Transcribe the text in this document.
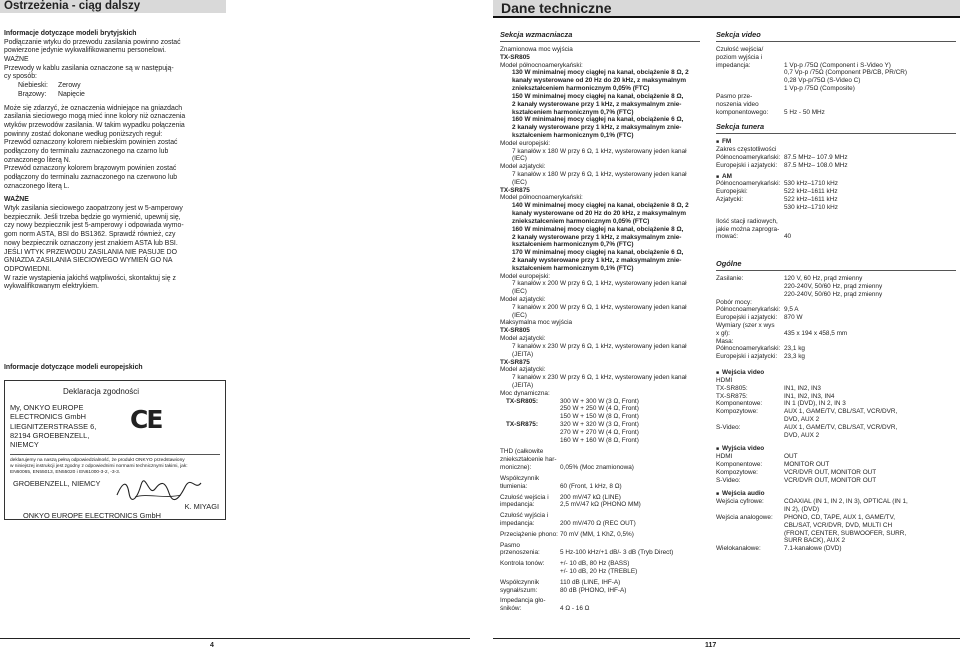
Ostrzeżenia - ciąg dalszy	Dane techniczne

Informacje dotyczące modeli brytyjskich

Podłączanie wtyku do przewodu zasilania powinno zostać
powierzone jedynie wykwalifikowanemu personelowi.

WAŻNE

Przewody w kablu zasilania oznaczone są w następują-
cy sposób:
Niebieski:	Zerowy
Brązowy:	Napięcie
Może się zdarzyć, że oznaczenia widniejące na gniazdach
zasilania sieciowego mogą mieć inne kolory niż oznaczenia
wtyków przewodów zasilania. W takim wypadku połączenia
powinny zostać dokonane według poniższych reguł:
Przewód oznaczony kolorem niebieskim powinien zostać
podłączony do terminalu zaznaczonego na czarno lub
oznaczonego literą N.
Przewód oznaczony kolorem brązowym powinien zostać
podłączony do terminalu zaznaczonego na czerwono lub
oznaczonego literą L.

WAŻNE

Wtyk zasilania sieciowego zaopatrzony jest w 5-amperowy
bezpiecznik. Jeśli trzeba będzie go wymienić, upewnij się,
czy nowy bezpiecznik jest 5-amperowy i odpowiada wymo-
gom norm ASTA, BSI do BS1362. Sprawdź również, czy
nowy bezpiecznik oznaczony jest znakiem ASTA lub BSI.
JEŚLI WTYK PRZEWODU ZASILANIA NIE PASUJE DO
GNIAZDA ZASILANIA SIECIOWEGO WYMIEŃ GO NA
ODPOWIEDNI.
W razie wystąpienia jakichś wątpliwości, skontaktuj się z
wykwalifikowanym elektrykiem.
Informacje dotyczące modeli europejskich
Deklaracja zgodności
CE
My, ONKYO EUROPE
ELECTRONICS GmbH
LIEGNITZERSTRASSE 6,
82194 GROEBENZELL,
NIEMCY
deklarujemy na naszą pełną odpowiedzialność, że produkt ONKYO przedstawiony
w niniejszej instrukcji jest zgodny z odpowiednimi normami technicznymi takimi, jak:
EN60065, EN55013, EN55020 i EN61000-3-2, -3-3.
GROEBENZELL, NIEMCY
K. MIYAGI
ONKYO EUROPE ELECTRONICS GmbH
Sekcja wzmacniacza
Znamionowa moc wyjścia
TX-SR805
Model północnoamerykański:
130 W minimalnej mocy ciągłej na kanał, obciążenie 8 Ω, 2
kanały wysterowane od 20 Hz do 20 kHz, z maksymalnym
zniekształceniem harmonicznym 0,05% (FTC)
150 W minimalnej mocy ciągłej na kanał, obciążenie 8 Ω,
2 kanały wysterowane przy 1 kHz, z maksymalnym znie-
kształceniem harmonicznym 0,7% (FTC)
160 W minimalnej mocy ciągłej na kanał, obciążenie 6 Ω,
2 kanały wysterowane przy 1 kHz, z maksymalnym znie-
kształceniem harmonicznym 0,1% (FTC)
Model europejski:
7 kanałów x 180 W przy 6 Ω, 1 kHz, wysterowany jeden kanał
(IEC)
Model azjatycki:
7 kanałów x 180 W przy 6 Ω, 1 kHz, wysterowany jeden kanał
(IEC)
TX-SR875
Model północnoamerykański:
140 W minimalnej mocy ciągłej na kanał, obciążenie 8 Ω, 2
kanały wysterowane od 20 Hz do 20 kHz, z maksymalnym
zniekształceniem harmonicznym 0,05% (FTC)
160 W minimalnej mocy ciągłej na kanał, obciążenie 8 Ω,
2 kanały wysterowane przy 1 kHz, z maksymalnym znie-
kształceniem harmonicznym 0,7% (FTC)
170 W minimalnej mocy ciągłej na kanał, obciążenie 6 Ω,
2 kanały wysterowane przy 1 kHz, z maksymalnym znie-
kształceniem harmonicznym 0,1% (FTC)
Model europejski:
7 kanałów x 200 W przy 6 Ω, 1 kHz, wysterowany jeden kanał
(IEC)
Model azjatycki:
7 kanałów x 200 W przy 6 Ω, 1 kHz, wysterowany jeden kanał
(IEC)
Maksymalna moc wyjścia
TX-SR805
Model azjatycki:
7 kanałów x 230 W przy 6 Ω, 1 kHz, wysterowany jeden kanał
(JEITA)
TX-SR875
Model azjatycki:
7 kanałów x 230 W przy 6 Ω, 1 kHz, wysterowany jeden kanał
(JEITA)
Moc dynamiczna:
TX-SR805:	300 W + 300 W (3 Ω, Front)
250 W + 250 W (4 Ω, Front)
150 W + 150 W (8 Ω, Front)
TX-SR875:	320 W + 320 W (3 Ω, Front)
270 W + 270 W (4 Ω, Front)
160 W + 160 W (8 Ω, Front)
THD (całkowite
zniekształcenie har-
moniczne):	0,05% (Moc znamionowa)
Współczynnik
tłumienia:	60 (Front, 1 kHz, 8 Ω)
Czułość wejścia i
impedancja:
200 mV/47 kΩ (LINE)
2,5 mV/47 kΩ (PHONO MM)
Czułość wyjścia i
impedancja:	200 mV/470 Ω (REC OUT)
Przeciążenie phono: 70 mV (MM, 1 KhZ, 0,5%)
Pasmo
przenoszenia:	5 Hz-100 kHz/+1 dB/- 3 dB (Tryb Direct)
Kontrola tonów:	+/- 10 dB, 80 Hz (BASS)
+/- 10 dB, 20 Hz (TREBLE)
Współczynnik
sygnał/szum:
110 dB (LINE, IHF-A)
80 dB (PHONO, IHF-A)
Impedancja gło-
śników:	4 Ω - 16 Ω
Sekcja video
Czułość wejścia/
poziom wyjścia i
impedancja:

	1 Vp-p /75Ω (Component i S-Video Y)
0,7 Vp-p /75Ω (Component PB/CB, PR/CR)
0,28 Vp-p/75Ω (S-Video C)
1 Vp-p /75Ω (Composite)
Pasmo prze-
noszenia video
komponentowego:

	5 Hz - 50 MHz
Sekcja tunera
■ FM
Zakres częstotliwości
Północnoamerykański: 87.5 MHz– 107.9 MHz
Europejski i azjatycki:	87.5 MHz– 108.0 MHz
■ AM
Północnoamerykański: 530 kHz–1710 kHz
Europejski:	522 kHz–1611 kHz
Azjatycki:	522 kHz–1611 kHz
530 kHz–1710 kHz
Ilość stacji radiowych,
jakie można zaprogra-
mować:

	40
Ogólne
Zasilanie:	120 V, 60 Hz, prąd zmienny
220-240V, 50/60 Hz, prąd zmienny
220-240V, 50/60 Hz, prąd zmienny
Pobór mocy:

Północnoamerykański: 9,5 A
Europejski i azjatycki:	870 W
Wymiary (szer x wys
x gł):
	435 x 194 x 458,5 mm
Masa:

Północnoamerykański: 23,1 kg
Europejski i azjatycki:	23,3 kg
■ Wejścia video
HDMI

TX-SR805:	IN1, IN2, IN3
TX-SR875:	IN1, IN2, IN3, IN4
Komponentowe:	IN 1 (DVD), IN 2, IN 3
Kompozytowe:	AUX 1, GAME/TV, CBL/SAT, VCR/DVR,
DVD, AUX 2
S-Video:	AUX 1, GAME/TV, CBL/SAT, VCR/DVR,
DVD, AUX 2
■ Wyjścia video
HDMI	OUT
Komponentowe:	MONITOR OUT
Kompozytowe:	VCR/DVR OUT, MONITOR OUT
S-Video:	VCR/DVR OUT, MONITOR OUT
■ Wejścia audio
Wejścia cyfrowe:	COAXIAL (IN 1, IN 2, IN 3), OPTICAL (IN 1,
IN 2), (DVD)
Wejścia analogowe:	PHONO, CD, TAPE, AUX 1, GAME/TV,
CBL/SAT, VCR/DVR, DVD, MULTI CH
(FRONT, CENTER, SUBWOOFER, SURR,
SURR BACK), AUX 2
Wielokanałowe:	7.1-kanałowe (DVD)
4	117
